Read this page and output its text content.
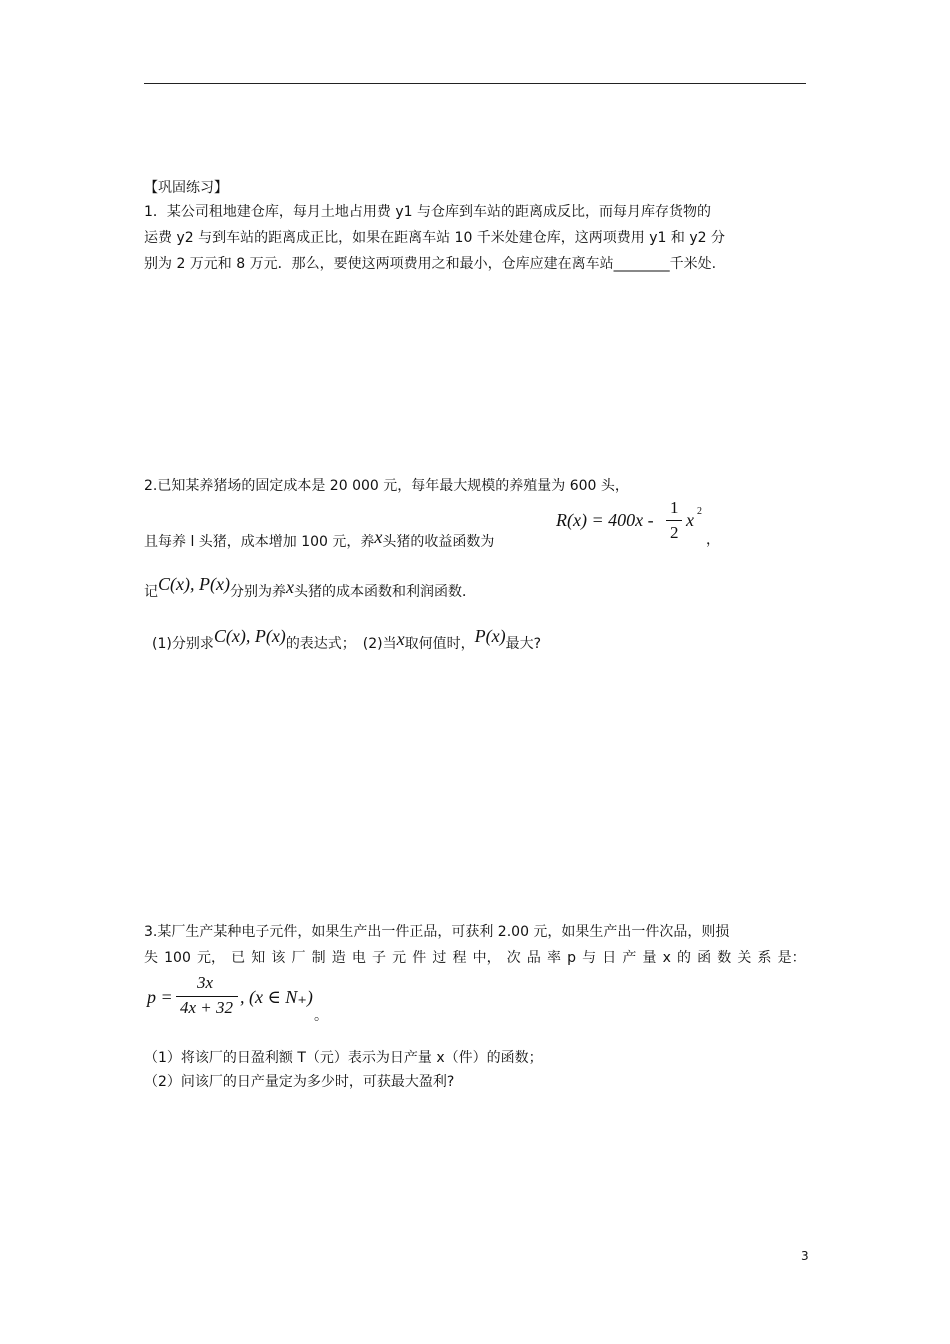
【巩固练习】
1．某公司租地建仓库，每月土地占用费 y1 与仓库到车站的距离成反比，而每月库存货物的
运费 y2 与到车站的距离成正比，如果在距离车站 10 千米处建仓库，这两项费用 y1 和 y2 分
别为 2 万元和 8 万元．那么，要使这两项费用之和最小，仓库应建在离车站________千米处.
2.已知某养猪场的固定成本是 20 000 元，每年最大规模的养殖量为 600 头，
且每养 l 头猪，成本增加 100 元，养x头猪的收益函数为
R(x) = 400x -
1
2
x 2
，
记C(x), P(x)分别为养x头猪的成本函数和利润函数．
(1)分别求C(x), P(x)的表达式；　(2)当x取何值时，P(x)最大?
3.某厂生产某种电子元件，如果生产出一件正品，可获利 2.00 元，如果生产出一件次品，则损
失 100 元， 已 知 该 厂 制 造 电 子 元 件 过 程 中， 次 品 率 p 与 日 产 量 x 的 函 数 关 系 是：
p =
3x
4x + 32
, (x ∈ N₊)
。
（1）将该厂的日盈利额 T（元）表示为日产量 x（件）的函数；
（2）问该厂的日产量定为多少时，可获最大盈利?
3
